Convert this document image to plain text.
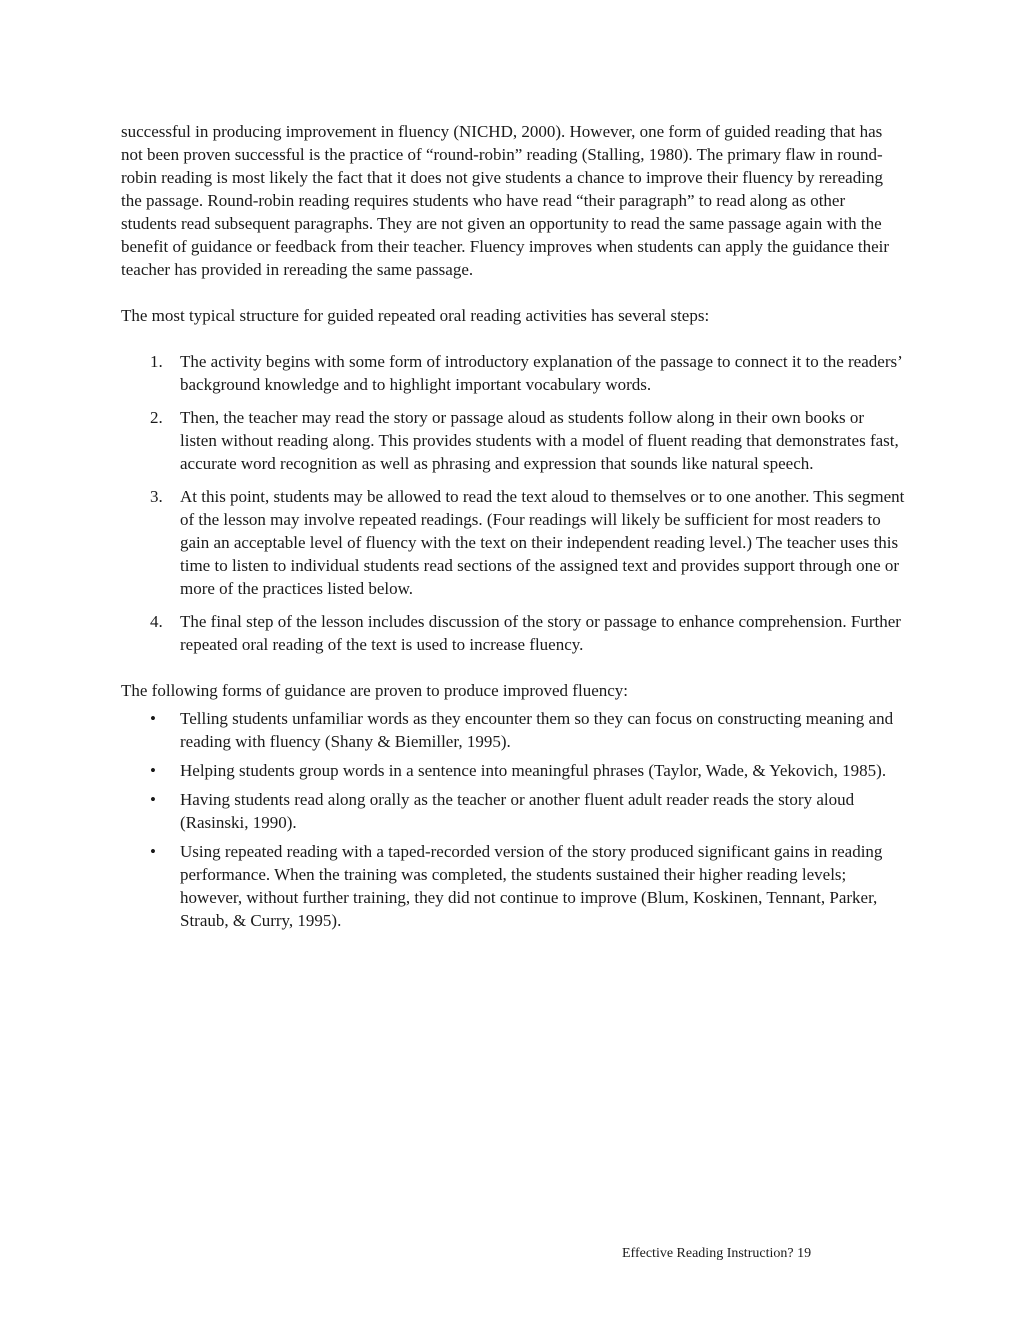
successful in producing improvement in fluency (NICHD, 2000). However, one form of guided reading that has not been proven successful is the practice of “round-robin” reading (Stalling, 1980). The primary flaw in round-robin reading is most likely the fact that it does not give students a chance to improve their fluency by rereading the passage. Round-robin reading requires students who have read “their paragraph” to read along as other students read subsequent paragraphs. They are not given an opportunity to read the same passage again with the benefit of guidance or feedback from their teacher. Fluency improves when students can apply the guidance their teacher has provided in rereading the same passage.

The most typical structure for guided repeated oral reading activities has several steps:

1. The activity begins with some form of introductory explanation of the passage to connect it to the readers’ background knowledge and to highlight important vocabulary words.
2. Then, the teacher may read the story or passage aloud as students follow along in their own books or listen without reading along. This provides students with a model of fluent reading that demonstrates fast, accurate word recognition as well as phrasing and expression that sounds like natural speech.
3. At this point, students may be allowed to read the text aloud to themselves or to one another. This segment of the lesson may involve repeated readings. (Four readings will likely be sufficient for most readers to gain an acceptable level of fluency with the text on their independent reading level.) The teacher uses this time to listen to individual students read sections of the assigned text and provides support through one or more of the practices listed below.
4. The final step of the lesson includes discussion of the story or passage to enhance comprehension. Further repeated oral reading of the text is used to increase fluency.

The following forms of guidance are proven to produce improved fluency:

• Telling students unfamiliar words as they encounter them so they can focus on constructing meaning and reading with fluency (Shany & Biemiller, 1995).
• Helping students group words in a sentence into meaningful phrases (Taylor, Wade, & Yekovich, 1985).
• Having students read along orally as the teacher or another fluent adult reader reads the story aloud (Rasinski, 1990).
• Using repeated reading with a taped-recorded version of the story produced significant gains in reading performance. When the training was completed, the students sustained their higher reading levels; however, without further training, they did not continue to improve (Blum, Koskinen, Tennant, Parker, Straub, & Curry, 1995).
Effective Reading Instruction? 19
